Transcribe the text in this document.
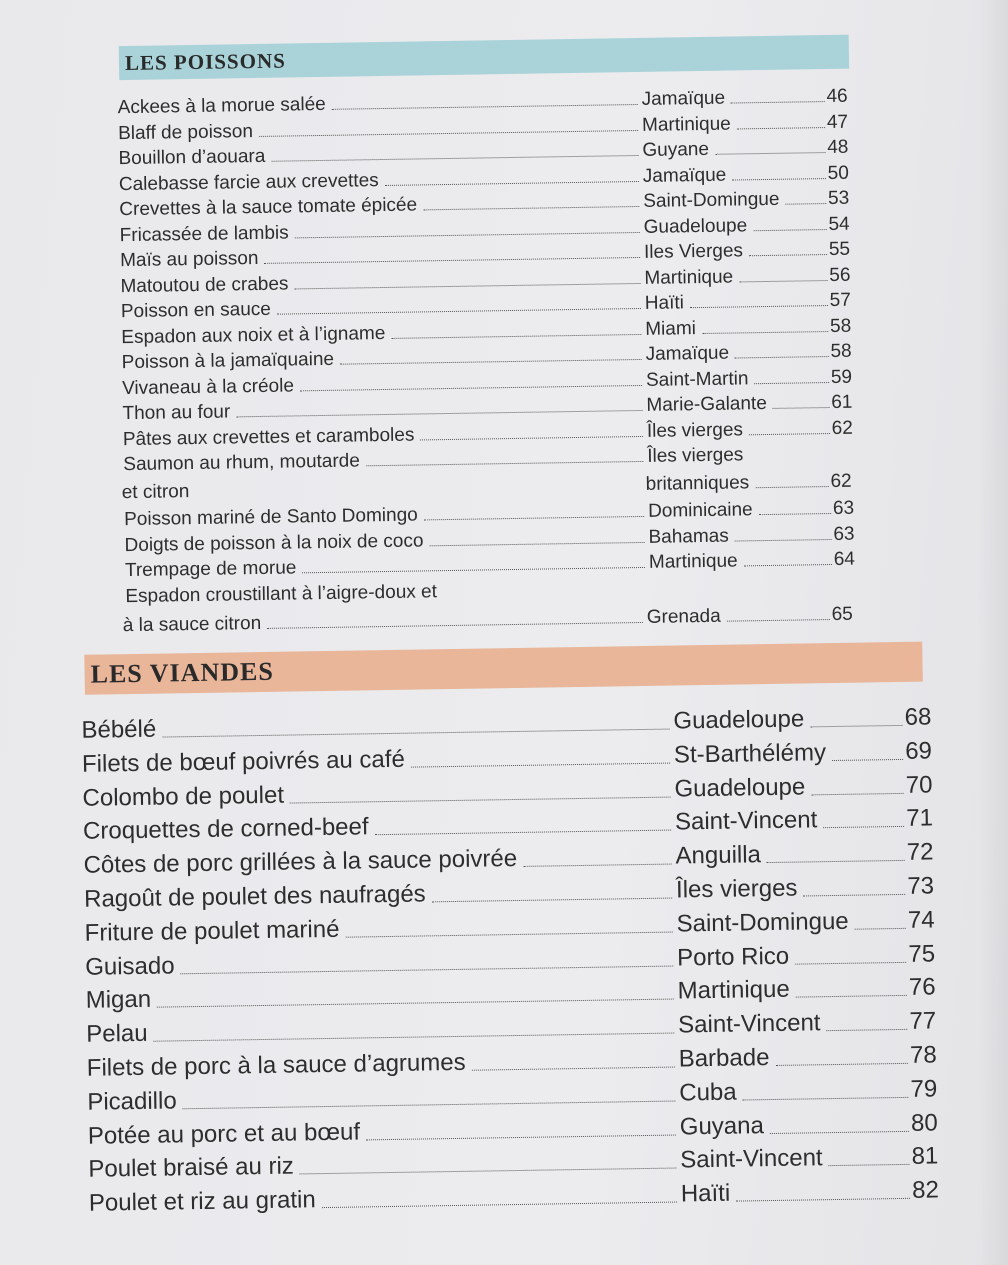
LES POISSONS
Ackees à la morue salée	Jamaïque	46
Blaff de poisson	Martinique	47
Bouillon d’aouara	Guyane	48
Calebasse farcie aux crevettes	Jamaïque	50
Crevettes à la sauce tomate épicée	Saint-Domingue	53
Fricassée de lambis	Guadeloupe	54
Maïs au poisson	Iles Vierges	55
Matoutou de crabes	Martinique	56
Poisson en sauce	Haïti	57
Espadon aux noix et à l’igname	Miami	58
Poisson à la jamaïquaine	Jamaïque	58
Vivaneau à la créole	Saint-Martin	59
Thon au four	Marie-Galante	61
Pâtes aux crevettes et caramboles	Îles vierges	62
Saumon au rhum, moutarde	Îles vierges
et citron	britanniques	62
Poisson mariné de Santo Domingo	Dominicaine	63
Doigts de poisson à la noix de coco	Bahamas	63
Trempage de morue	Martinique	64
Espadon croustillant à l’aigre-doux et
à la sauce citron	Grenada	65
LES VIANDES
Bébélé	Guadeloupe	68
Filets de bœuf poivrés au café	St-Barthélémy	69
Colombo de poulet	Guadeloupe	70
Croquettes de corned-beef	Saint-Vincent	71
Côtes de porc grillées à la sauce poivrée	Anguilla	72
Ragoût de poulet des naufragés	Îles vierges	73
Friture de poulet mariné	Saint-Domingue 74
Guisado	Porto Rico	75
Migan	Martinique	76
Pelau	Saint-Vincent	77
Filets de porc à la sauce d’agrumes	Barbade	78
Picadillo	Cuba	79
Potée au porc et au bœuf	Guyana	80
Poulet braisé au riz	Saint-Vincent	81
Poulet et riz au gratin	Haïti	82
